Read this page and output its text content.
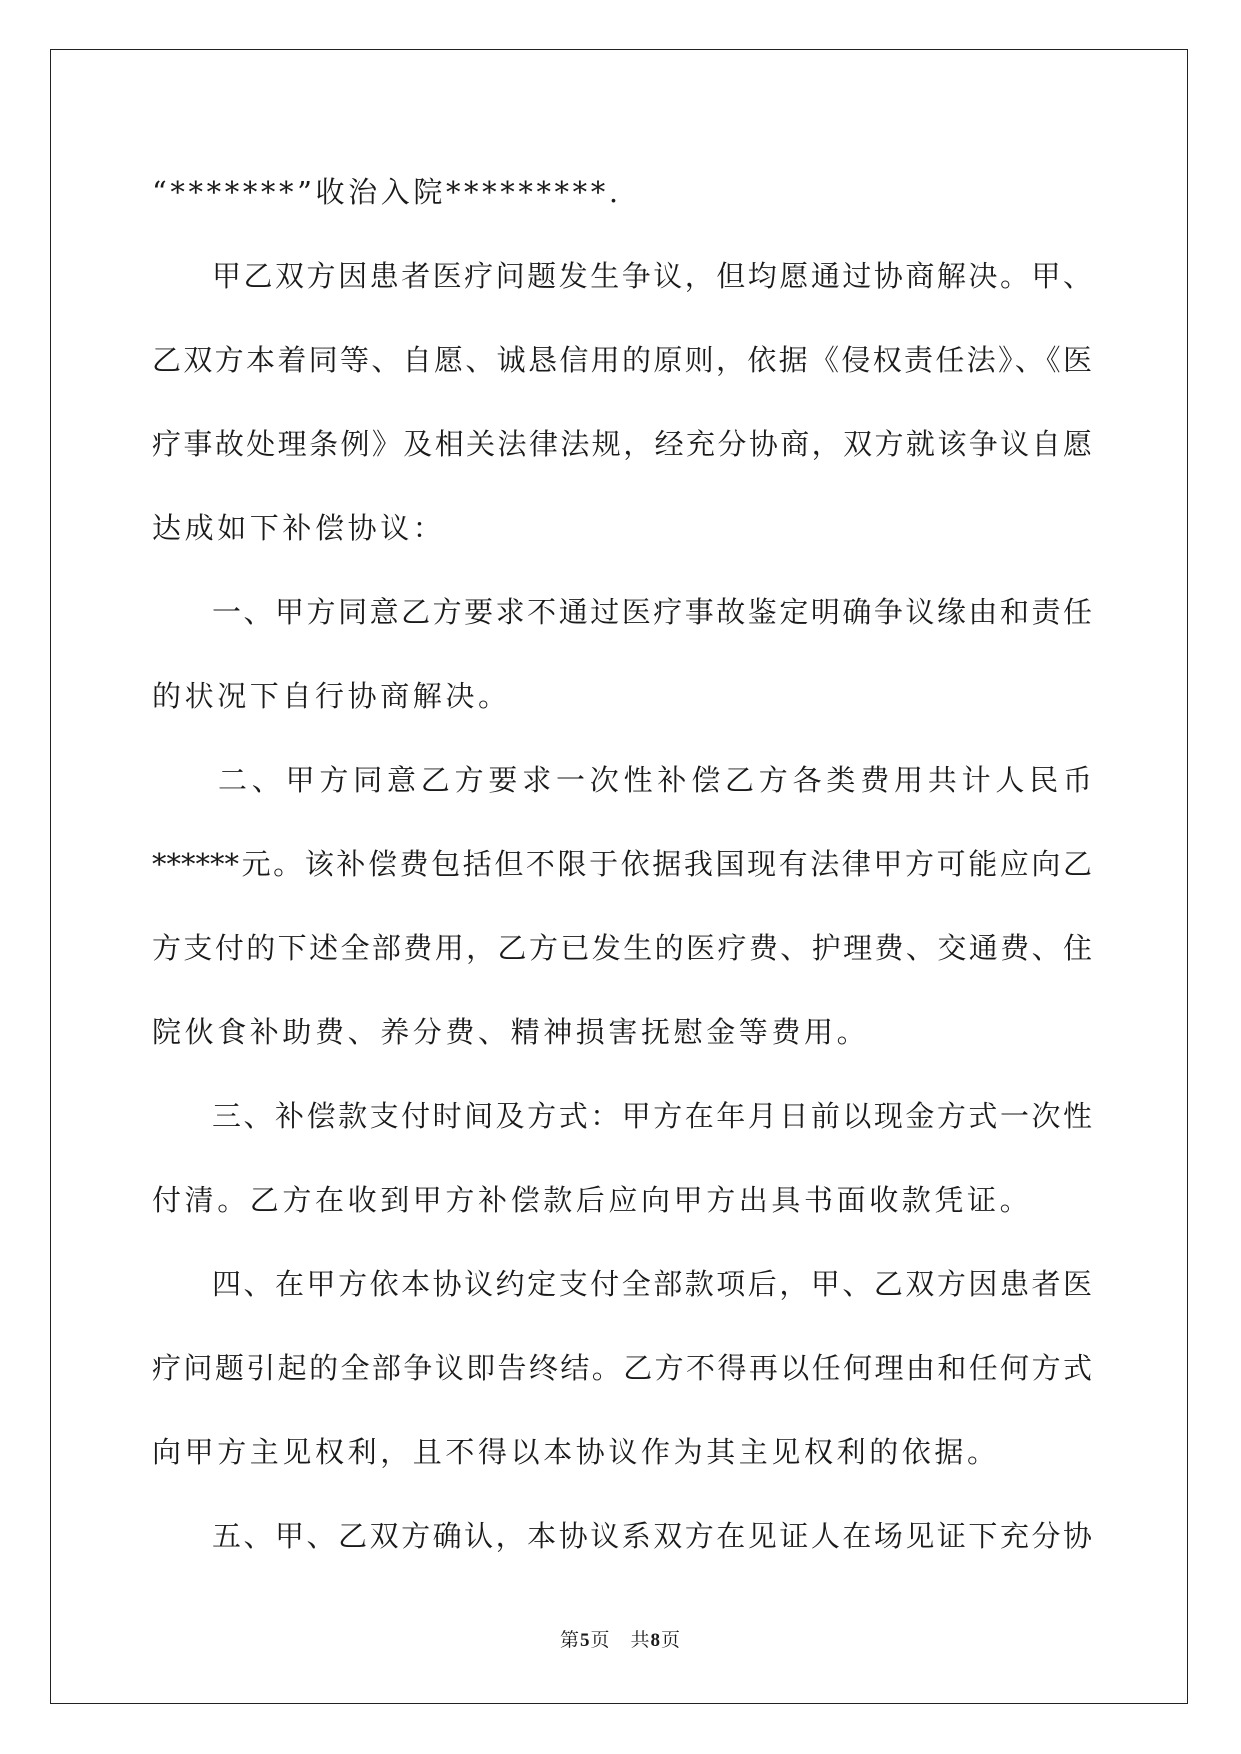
“*******”收治入院*********.
甲乙双方因患者医疗问题发生争议，但均愿通过协商解决。甲、
乙双方本着同等、自愿、诚恳信用的原则，依据《侵权责任法》、《医
疗事故处理条例》及相关法律法规，经充分协商，双方就该争议自愿
达成如下补偿协议：
一、甲方同意乙方要求不通过医疗事故鉴定明确争议缘由和责任
的状况下自行协商解决。
二、甲方同意乙方要求一次性补偿乙方各类费用共计人民币
******元。该补偿费包括但不限于依据我国现有法律甲方可能应向乙
方支付的下述全部费用，乙方已发生的医疗费、护理费、交通费、住
院伙食补助费、养分费、精神损害抚慰金等费用。
三、补偿款支付时间及方式：甲方在年月日前以现金方式一次性
付清。乙方在收到甲方补偿款后应向甲方出具书面收款凭证。
四、在甲方依本协议约定支付全部款项后，甲、乙双方因患者医
疗问题引起的全部争议即告终结。乙方不得再以任何理由和任何方式
向甲方主见权利，且不得以本协议作为其主见权利的依据。
五、甲、乙双方确认，本协议系双方在见证人在场见证下充分协
第5页　共8页
